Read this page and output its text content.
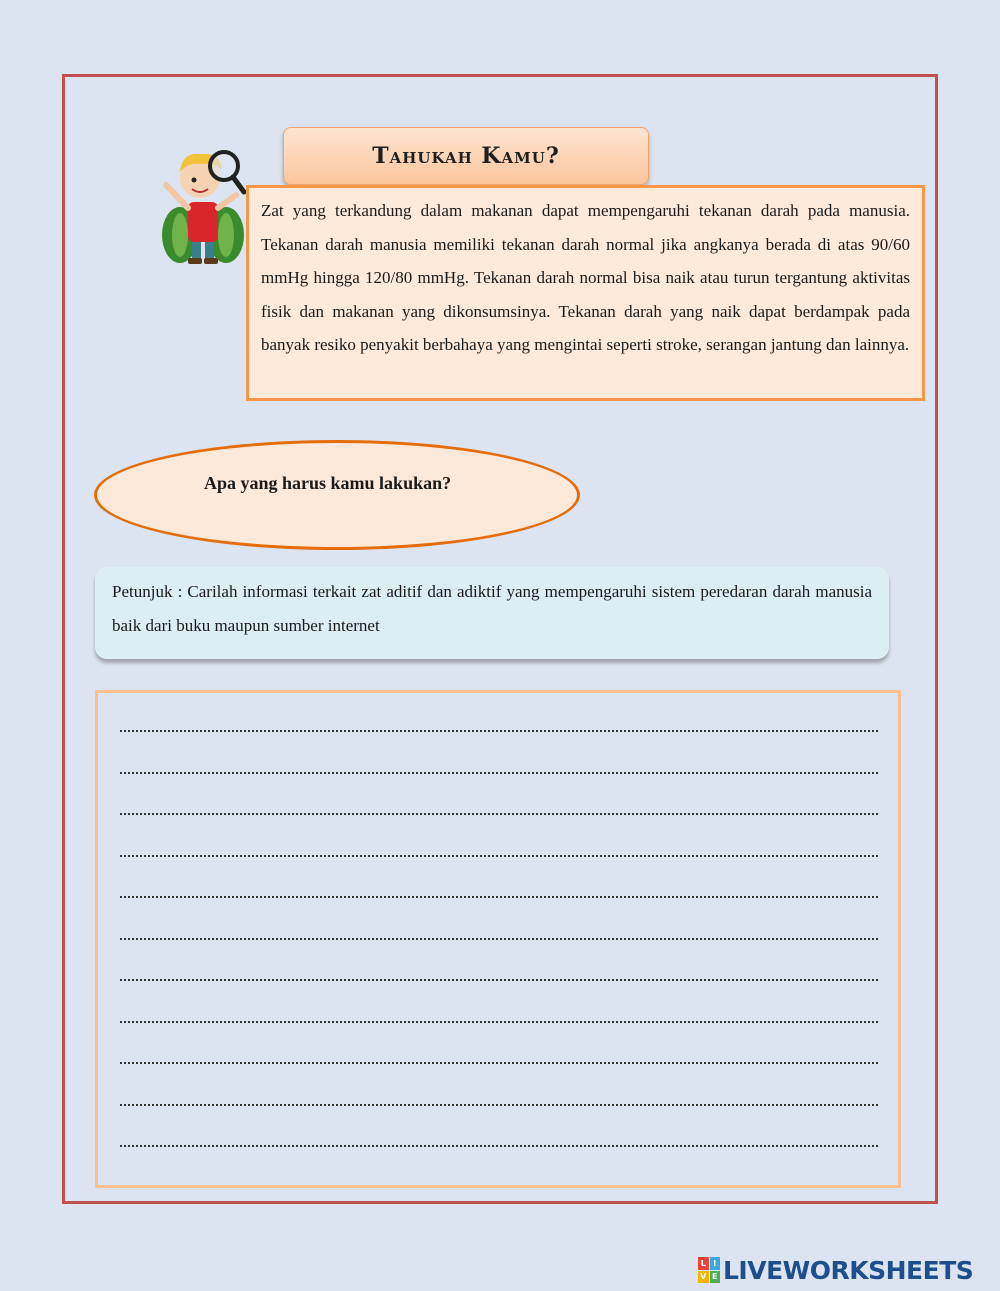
Tahukah Kamu?
Zat yang terkandung dalam makanan dapat mempengaruhi tekanan darah pada manusia. Tekanan darah manusia memiliki tekanan darah normal jika angkanya berada di atas 90/60 mmHg hingga 120/80 mmHg. Tekanan darah normal bisa naik atau turun tergantung aktivitas fisik dan makanan yang dikonsumsinya. Tekanan darah yang naik dapat berdampak pada banyak resiko penyakit berbahaya yang mengintai seperti stroke, serangan jantung dan lainnya.
Apa yang harus kamu lakukan?
Petunjuk : Carilah informasi terkait zat aditif dan adiktif yang mempengaruhi sistem peredaran darah manusia baik dari buku maupun sumber internet
L I
V E LIVEWORKSHEETS
